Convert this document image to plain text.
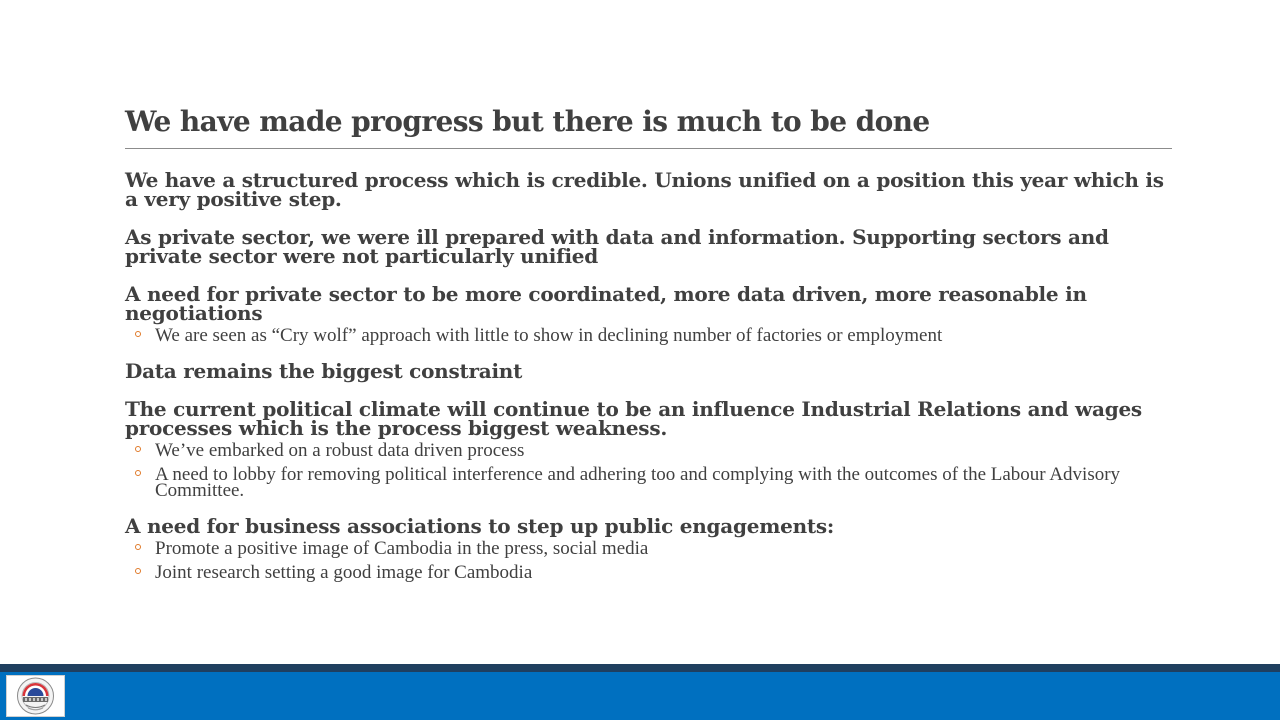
We have made progress but there is much to be done

We have a structured process which is credible. Unions unified on a position this year which is a very positive step.

As private sector, we were ill prepared with data and information. Supporting sectors and private sector were not particularly unified

A need for private sector to be more coordinated, more data driven, more reasonable in negotiations

We are seen as “Cry wolf” approach with little to show in declining number of factories or employment

Data remains the biggest constraint

The current political climate will continue to be an influence Industrial Relations and wages processes which is the process biggest weakness.

We’ve embarked on a robust data driven process
A need to lobby for removing political interference and adhering too and complying with the outcomes of the Labour Advisory Committee.

A need for business associations to step up public engagements:

Promote a positive image of Cambodia in the press, social media
Joint research setting a good image for Cambodia
